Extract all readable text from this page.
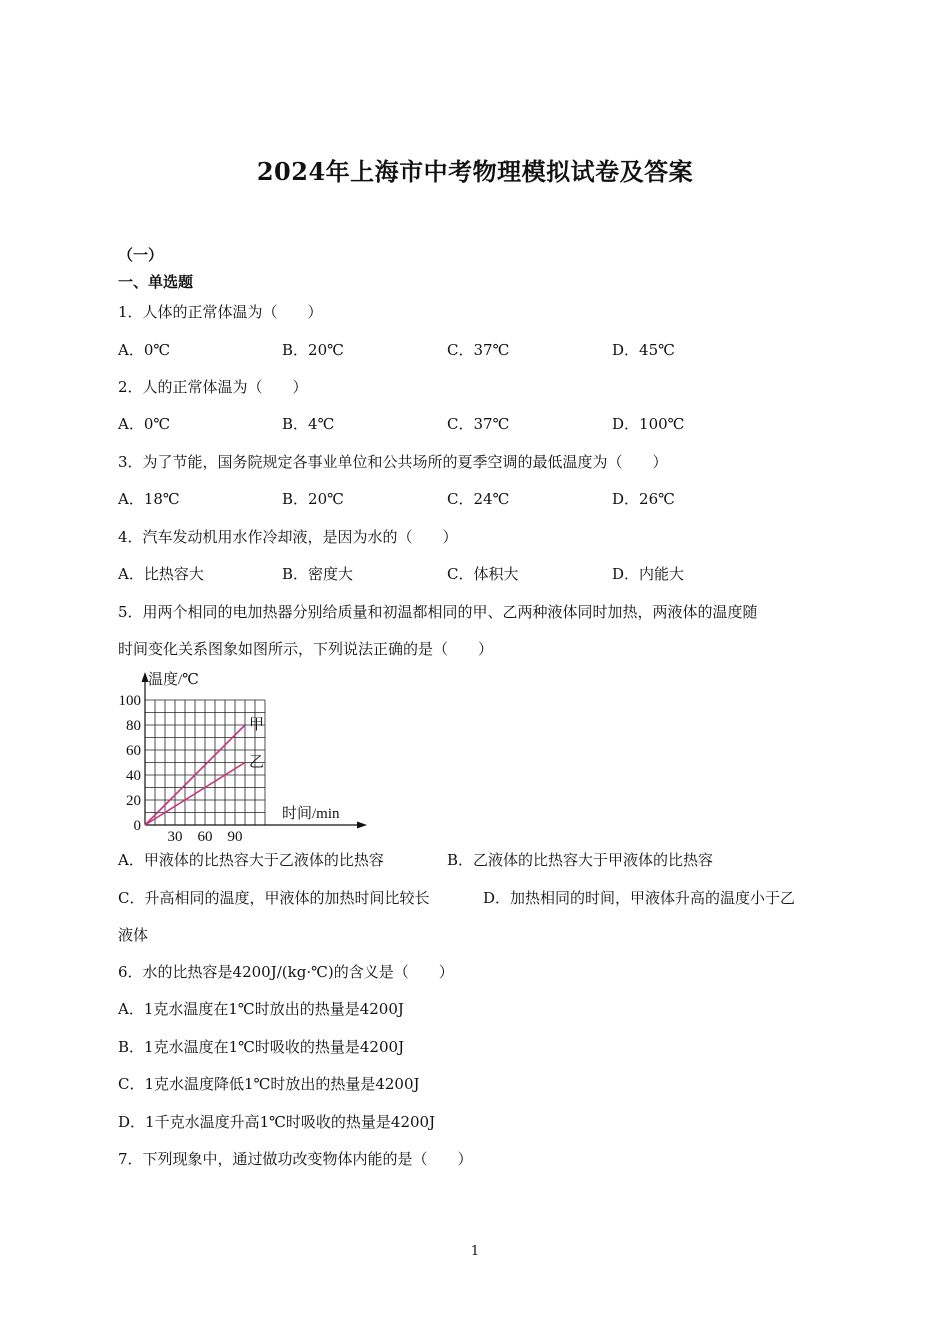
2024年上海市中考物理模拟试卷及答案
（一）
一、单选题
1．人体的正常体温为（　　）
A．0℃	B．20℃	C．37℃	D．45℃
2．人的正常体温为（　　）
A．0℃	B．4℃	C．37℃	D．100℃
3．为了节能，国务院规定各事业单位和公共场所的夏季空调的最低温度为（　　）
A．18℃	B．20℃	C．24℃	D．26℃
4．汽车发动机用水作冷却液，是因为水的（　　）
A．比热容大	B．密度大	C．体积大	D．内能大
5．用两个相同的电加热器分别给质量和初温都相同的甲、乙两种液体同时加热，两液体的温度随
时间变化关系图象如图所示，下列说法正确的是（　　）
甲
乙
0
20
40
60
80
100
30 60 90
温度/℃
时间/min
A．甲液体的比热容大于乙液体的比热容	B．乙液体的比热容大于甲液体的比热容
C．升高相同的温度，甲液体的加热时间比较长	D．加热相同的时间，甲液体升高的温度小于乙
液体
6．水的比热容是4200J/(kg·℃)的含义是（　　）
A．1克水温度在1℃时放出的热量是4200J
B．1克水温度在1℃时吸收的热量是4200J
C．1克水温度降低1℃时放出的热量是4200J
D．1千克水温度升高1℃时吸收的热量是4200J
7．下列现象中，通过做功改变物体内能的是（　　）
1
